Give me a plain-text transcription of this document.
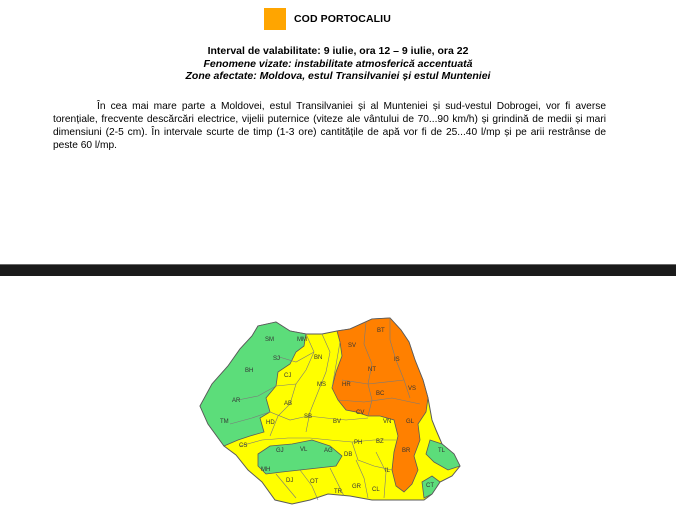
COD PORTOCALIU
Interval de valabilitate: 9 iulie, ora 12 – 9 iulie, ora 22
Fenomene vizate: instabilitate atmosferică accentuată
Zone afectate: Moldova, estul Transilvaniei și estul Munteniei
În cea mai mare parte a Moldovei, estul Transilvaniei și al Munteniei și sud-vestul Dobrogei, vor fi averse torențiale, frecvente descărcări electrice, vijelii puternice (viteze ale vântului de 70...90 km/h) și grindină de medii și mari dimensiuni (2-5 cm). În intervale scurte de timp (1-3 ore) cantitățile de apă vor fi de 25...40 l/mp și pe arii restrânse de peste 60 l/mp.
SM	MM
SJ
BH
CJ
BN
SV
BT
IS
NT
VS
HR
MS
BC
AR	AB
TM	HD
SB
BV
CV
VN GL
CS
GJ	VL	AG
DB
PH BZ
BR	TL
MH
DJ	OT
TR
GR
IL
CL
CT
